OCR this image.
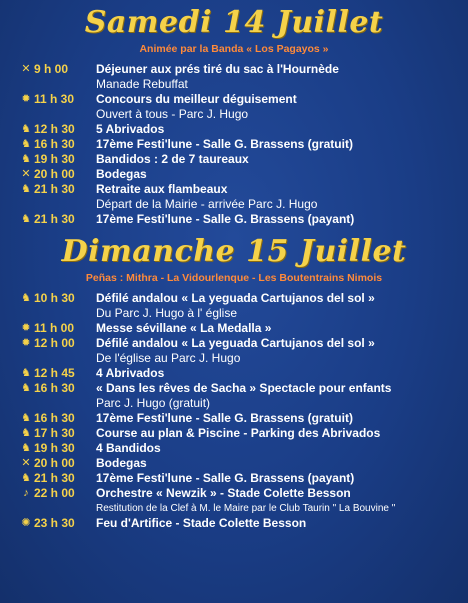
Samedi 14 Juillet
Animée par la Banda « Los Pagayos »
✕ 9 h 00	Déjeuner aux prés tiré du sac à l'Hournède
Manade Rebuffat
✹ 11 h 30	Concours du meilleur déguisement
Ouvert à tous - Parc J. Hugo
♞ 12 h 30	5 Abrivados
♞ 16 h 30	17ème Festi'lune - Salle G. Brassens (gratuit)
♞ 19 h 30	Bandidos : 2 de 7 taureaux
✕ 20 h 00	Bodegas
♞ 21 h 30	Retraite aux flambeaux
Départ de la Mairie - arrivée Parc J. Hugo
♞ 21 h 30	17ème Festi'lune - Salle G. Brassens (payant)
Dimanche 15 Juillet
Peñas : Mithra - La Vidourlenque - Les Boutentrains Nimois
♞ 10 h 30	Défilé andalou « La yeguada Cartujanos del sol »
Du Parc J. Hugo à l' église
✹ 11 h 00	Messe sévillane « La Medalla »
✹ 12 h 00	Défilé andalou « La yeguada Cartujanos del sol »
De l'église au Parc J. Hugo
♞ 12 h 45	4 Abrivados
♞ 16 h 30	« Dans les rêves de Sacha » Spectacle pour enfants
Parc J. Hugo (gratuit)
♞ 16 h 30	17ème Festi'lune - Salle G. Brassens (gratuit)
♞ 17 h 30	Course au plan & Piscine - Parking des Abrivados
♞ 19 h 30	4 Bandidos
✕ 20 h 00	Bodegas
♞ 21 h 30	17ème Festi'lune - Salle G. Brassens (payant)
♪ 22 h 00	Orchestre « Newzik » - Stade Colette Besson
Restitution de la Clef à M. le Maire par le Club Taurin " La Bouvine "
✺ 23 h 30	Feu d'Artifice - Stade Colette Besson
